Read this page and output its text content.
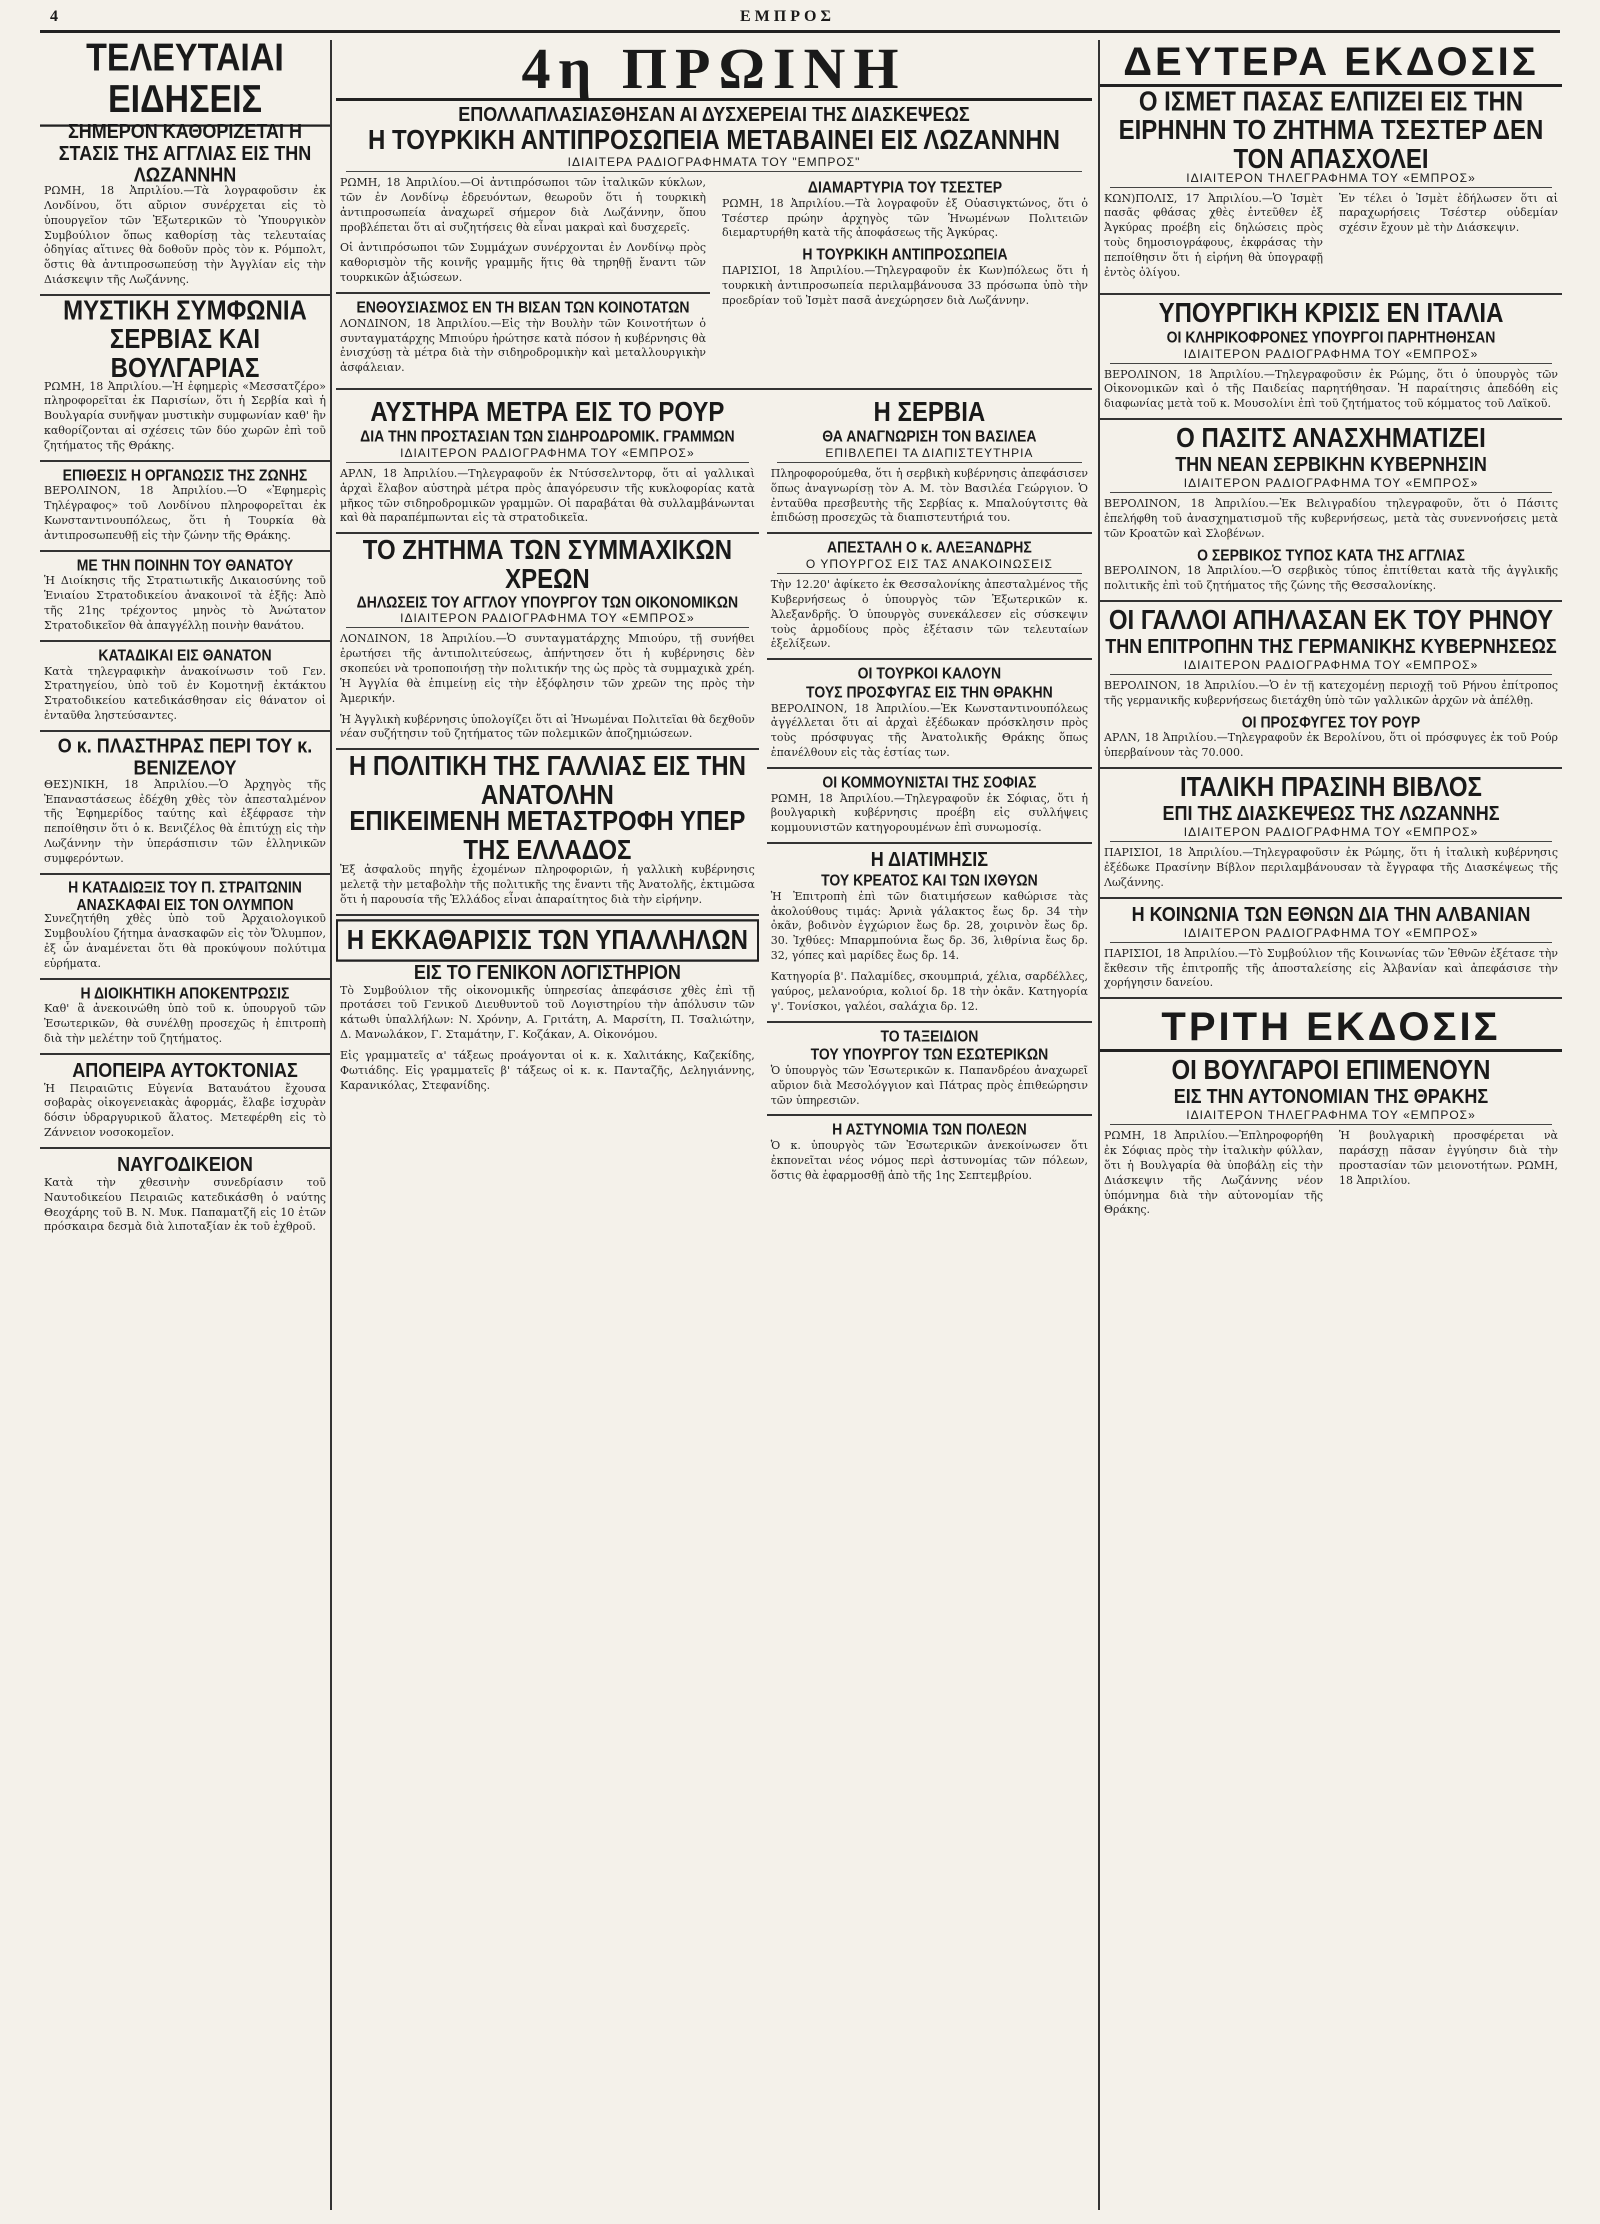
4	ΕΜΠΡΟΣ
ΤΕΛΕΥΤΑΙΑΙ ΕΙΔΗΣΕΙΣ
ΣΗΜΕΡΟΝ ΚΑΘΟΡΙΖΕΤΑΙ Η ΣΤΑΣΙΣ ΤΗΣ ΑΓΓΛΙΑΣ ΕΙΣ ΤΗΝ ΛΩΖΑΝΝΗΝ
ΡΩΜΗ, 18 Ἀπριλίου.—Τὰ λογραφοῦσιν ἐκ Λονδίνου, ὅτι αὔριον συνέρχεται εἰς τὸ ὑπουργεῖον τῶν Ἐξωτερικῶν τὸ Ὑπουργικὸν Συμβούλιον ὅπως καθορίσῃ τὰς τελευταίας ὁδηγίας αἵτινες θὰ δοθοῦν πρὸς τὸν κ. Ρόμπολτ, ὅστις θὰ ἀντιπροσωπεύσῃ τὴν Ἀγγλίαν εἰς τὴν Διάσκεψιν τῆς Λωζάννης.
ΜΥΣΤΙΚΗ ΣΥΜΦΩΝΙΑ ΣΕΡΒΙΑΣ ΚΑΙ ΒΟΥΛΓΑΡΙΑΣ
ΡΩΜΗ, 18 Ἀπριλίου.—Ἡ ἐφημερὶς «Μεσσατζέρο» πληροφορεῖται ἐκ Παρισίων, ὅτι ἡ Σερβία καὶ ἡ Βουλγαρία συνῆψαν μυστικὴν συμφωνίαν καθ' ἣν καθορίζονται αἱ σχέσεις τῶν δύο χωρῶν ἐπὶ τοῦ ζητήματος τῆς Θράκης.
ΕΠΙΘΕΣΙΣ Η ΟΡΓΑΝΩΣΙΣ ΤΗΣ ΖΩΝΗΣ
ΒΕΡΟΛΙΝΟΝ, 18 Ἀπριλίου.—Ὁ «Ἐφημερὶς Τηλέγραφος» τοῦ Λονδίνου πληροφορεῖται ἐκ Κωνσταντινουπόλεως, ὅτι ἡ Τουρκία θὰ ἀντιπροσωπευθῇ εἰς τὴν ζώνην τῆς Θράκης.
ΜΕ ΤΗΝ ΠΟΙΝΗΝ ΤΟΥ ΘΑΝΑΤΟΥ
Ἡ Διοίκησις τῆς Στρατιωτικῆς Δικαιοσύνης τοῦ Ἑνιαίου Στρατοδικείου ἀνακοινοῖ τὰ ἑξῆς: Ἀπὸ τῆς 21ης τρέχοντος μηνὸς τὸ Ἀνώτατον Στρατοδικεῖον θὰ ἀπαγγέλλῃ ποινὴν θανάτου.
ΚΑΤΑΔΙΚΑΙ ΕΙΣ ΘΑΝΑΤΟΝ
Κατὰ τηλεγραφικὴν ἀνακοίνωσιν τοῦ Γεν. Στρατηγείου, ὑπὸ τοῦ ἐν Κομοτηνῇ ἐκτάκτου Στρατοδικείου κατεδικάσθησαν εἰς θάνατον οἱ ἐνταῦθα ληστεύσαντες.
Ο κ. ΠΛΑΣΤΗΡΑΣ ΠΕΡΙ ΤΟΥ κ. ΒΕΝΙΖΕΛΟΥ
ΘΕΣ)ΝΙΚΗ, 18 Ἀπριλίου.—Ὁ Ἀρχηγὸς τῆς Ἐπαναστάσεως ἐδέχθη χθὲς τὸν ἀπεσταλμένον τῆς Ἐφημερίδος ταύτης καὶ ἐξέφρασε τὴν πεποίθησιν ὅτι ὁ κ. Βενιζέλος θὰ ἐπιτύχῃ εἰς τὴν Λωζάννην τὴν ὑπεράσπισιν τῶν ἑλληνικῶν συμφερόντων.
Η ΚΑΤΑΔΙΩΞΙΣ ΤΟΥ Π. ΣΤΡΑΙΤΩΝΙΝ ΑΝΑΣΚΑΦΑΙ ΕΙΣ ΤΟΝ ΟΛΥΜΠΟΝ
Συνεζητήθη χθὲς ὑπὸ τοῦ Ἀρχαιολογικοῦ Συμβουλίου ζήτημα ἀνασκαφῶν εἰς τὸν Ὄλυμπον, ἐξ ὧν ἀναμένεται ὅτι θὰ προκύψουν πολύτιμα εὑρήματα.
Η ΔΙΟΙΚΗΤΙΚΗ ΑΠΟΚΕΝΤΡΩΣΙΣ
Καθ' ἃ ἀνεκοινώθη ὑπὸ τοῦ κ. ὑπουργοῦ τῶν Ἐσωτερικῶν, θὰ συνέλθῃ προσεχῶς ἡ ἐπιτροπὴ διὰ τὴν μελέτην τοῦ ζητήματος.
ΑΠΟΠΕΙΡΑ ΑΥΤΟΚΤΟΝΙΑΣ
Ἡ Πειραιῶτις Εὐγενία Βαταυάτου ἔχουσα σοβαρὰς οἰκογενειακὰς ἀφορμάς, ἔλαβε ἰσχυρὰν δόσιν ὑδραργυρικοῦ ἅλατος. Μετεφέρθη εἰς τὸ Ζάννειον νοσοκομεῖον.
ΝΑΥΓΟΔΙΚΕΙΟΝ
Κατὰ τὴν χθεσινὴν συνεδρίασιν τοῦ Ναυτοδικείου Πειραιῶς κατεδικάσθη ὁ ναύτης Θεοχάρης τοῦ Β. Ν. Μυκ. Παπαματζῆ εἰς 10 ἐτῶν πρόσκαιρα δεσμὰ διὰ λιποταξίαν ἐκ τοῦ ἐχθροῦ.
4η ΠΡΩΙΝΗ
ΕΠΟΛΛΑΠΛΑΣΙΑΣΘΗΣΑΝ ΑΙ ΔΥΣΧΕΡΕΙΑΙ ΤΗΣ ΔΙΑΣΚΕΨΕΩΣ
Η ΤΟΥΡΚΙΚΗ ΑΝΤΙΠΡΟΣΩΠΕΙΑ ΜΕΤΑΒΑΙΝΕΙ ΕΙΣ ΛΩΖΑΝΝΗΝ
ΙΔΙΑΙΤΕΡΑ ΡΑΔΙΟΓΡΑΦΗΜΑΤΑ ΤΟΥ "ΕΜΠΡΟΣ"
ΡΩΜΗ, 18 Ἀπριλίου.—Οἱ ἀντιπρόσωποι τῶν ἰταλικῶν κύκλων, τῶν ἐν Λονδίνῳ ἐδρευόντων, θεωροῦν ὅτι ἡ τουρκικὴ ἀντιπροσωπεία ἀναχωρεῖ σήμερον διὰ Λωζάννην, ὅπου προβλέπεται ὅτι αἱ συζητήσεις θὰ εἶναι μακραὶ καὶ δυσχερεῖς.
Οἱ ἀντιπρόσωποι τῶν Συμμάχων συνέρχονται ἐν Λονδίνῳ πρὸς καθορισμὸν τῆς κοινῆς γραμμῆς ἥτις θὰ τηρηθῇ ἔναντι τῶν τουρκικῶν ἀξιώσεων.
ΕΝΘΟΥΣΙΑΣΜΟΣ ΕΝ ΤΗ ΒΙΣΑΝ ΤΩΝ ΚΟΙΝΟΤΑΤΩΝ
ΛΟΝΔΙΝΟΝ, 18 Ἀπριλίου.—Εἰς τὴν Βουλὴν τῶν Κοινοτήτων ὁ συνταγματάρχης Μπιούρυ ἠρώτησε κατὰ πόσον ἡ κυβέρνησις θὰ ἐνισχύσῃ τὰ μέτρα διὰ τὴν σιδηροδρομικὴν καὶ μεταλλουργικὴν ἀσφάλειαν.
ΔΙΑΜΑΡΤΥΡΙΑ ΤΟΥ ΤΣΕΣΤΕΡ
ΡΩΜΗ, 18 Ἀπριλίου.—Τὰ λογραφοῦν ἐξ Οὐασιγκτώνος, ὅτι ὁ Τσέστερ πρώην ἀρχηγὸς τῶν Ἡνωμένων Πολιτειῶν διεμαρτυρήθη κατὰ τῆς ἀποφάσεως τῆς Ἀγκύρας.
Η ΤΟΥΡΚΙΚΗ ΑΝΤΙΠΡΟΣΩΠΕΙΑ
ΠΑΡΙΣΙΟΙ, 18 Ἀπριλίου.—Τηλεγραφοῦν ἐκ Κων)πόλεως ὅτι ἡ τουρκικὴ ἀντιπροσωπεία περιλαμβάνουσα 33 πρόσωπα ὑπὸ τὴν προεδρίαν τοῦ Ἰσμὲτ πασᾶ ἀνεχώρησεν διὰ Λωζάννην.
ΑΥΣΤΗΡΑ ΜΕΤΡΑ ΕΙΣ ΤΟ ΡΟΥΡ
ΔΙΑ ΤΗΝ ΠΡΟΣΤΑΣΙΑΝ ΤΩΝ ΣΙΔΗΡΟΔΡΟΜΙΚ. ΓΡΑΜΜΩΝ
ΙΔΙΑΙΤΕΡΟΝ ΡΑΔΙΟΓΡΑΦΗΜΑ ΤΟΥ «ΕΜΠΡΟΣ»
ΑΡΛΝ, 18 Ἀπριλίου.—Τηλεγραφοῦν ἐκ Ντύσσελντορφ, ὅτι αἱ γαλλικαὶ ἀρχαὶ ἔλαβον αὐστηρὰ μέτρα πρὸς ἀπαγόρευσιν τῆς κυκλοφορίας κατὰ μῆκος τῶν σιδηροδρομικῶν γραμμῶν. Οἱ παραβάται θὰ συλλαμβάνωνται καὶ θὰ παραπέμπωνται εἰς τὰ στρατοδικεῖα.
ΤΟ ΖΗΤΗΜΑ ΤΩΝ ΣΥΜΜΑΧΙΚΩΝ ΧΡΕΩΝ
ΔΗΛΩΣΕΙΣ ΤΟΥ ΑΓΓΛΟΥ ΥΠΟΥΡΓΟΥ ΤΩΝ ΟΙΚΟΝΟΜΙΚΩΝ
ΙΔΙΑΙΤΕΡΟΝ ΡΑΔΙΟΓΡΑΦΗΜΑ ΤΟΥ «ΕΜΠΡΟΣ»
ΛΟΝΔΙΝΟΝ, 18 Ἀπριλίου.—Ὁ συνταγματάρχης Μπιούρυ, τῇ συνήθει ἐρωτήσει τῆς ἀντιπολιτεύσεως, ἀπήντησεν ὅτι ἡ κυβέρνησις δὲν σκοπεύει νὰ τροποποιήσῃ τὴν πολιτικήν της ὡς πρὸς τὰ συμμαχικὰ χρέη. Ἡ Ἀγγλία θὰ ἐπιμείνῃ εἰς τὴν ἐξόφλησιν τῶν χρεῶν της πρὸς τὴν Ἀμερικήν.
Ἡ Ἀγγλικὴ κυβέρνησις ὑπολογίζει ὅτι αἱ Ἡνωμέναι Πολιτεῖαι θὰ δεχθοῦν νέαν συζήτησιν τοῦ ζητήματος τῶν πολεμικῶν ἀποζημιώσεων.
Η ΠΟΛΙΤΙΚΗ ΤΗΣ ΓΑΛΛΙΑΣ ΕΙΣ ΤΗΝ ΑΝΑΤΟΛΗΝ
ΕΠΙΚΕΙΜΕΝΗ ΜΕΤΑΣΤΡΟΦΗ ΥΠΕΡ ΤΗΣ ΕΛΛΑΔΟΣ
Ἐξ ἀσφαλοῦς πηγῆς ἐχομένων πληροφοριῶν, ἡ γαλλικὴ κυβέρνησις μελετᾷ τὴν μεταβολὴν τῆς πολιτικῆς της ἔναντι τῆς Ἀνατολῆς, ἐκτιμῶσα ὅτι ἡ παρουσία τῆς Ἑλλάδος εἶναι ἀπαραίτητος διὰ τὴν εἰρήνην.
Η ΕΚΚΑΘΑΡΙΣΙΣ ΤΩΝ ΥΠΑΛΛΗΛΩΝ
ΕΙΣ ΤΟ ΓΕΝΙΚΟΝ ΛΟΓΙΣΤΗΡΙΟΝ
Τὸ Συμβούλιον τῆς οἰκονομικῆς ὑπηρεσίας ἀπεφάσισε χθὲς ἐπὶ τῇ προτάσει τοῦ Γενικοῦ Διευθυντοῦ τοῦ Λογιστηρίου τὴν ἀπόλυσιν τῶν κάτωθι ὑπαλλήλων: Ν. Χρόνην, Α. Γριτάτη, Α. Μαρσίτη, Π. Τσαλιώτην, Δ. Μανωλάκον, Γ. Σταμάτην, Γ. Κοζάκαν, Α. Οἰκονόμου.
Εἰς γραμματεῖς α' τάξεως προάγονται οἱ κ. κ. Χαλιτάκης, Καζεκίδης, Φωτιάδης. Εἰς γραμματεῖς β' τάξεως οἱ κ. κ. Πανταζῆς, Δεληγιάννης, Καρανικόλας, Στεφανίδης.
Η ΣΕΡΒΙΑ
ΘΑ ΑΝΑΓΝΩΡΙΣΗ ΤΟΝ ΒΑΣΙΛΕΑ
ΕΠΙΒΛΕΠΕΙ ΤΑ ΔΙΑΠΙΣΤΕΥΤΗΡΙΑ
Πληροφορούμεθα, ὅτι ἡ σερβικὴ κυβέρνησις ἀπεφάσισεν ὅπως ἀναγνωρίσῃ τὸν Α. Μ. τὸν Βασιλέα Γεώργιον. Ὁ ἐνταῦθα πρεσβευτὴς τῆς Σερβίας κ. Μπαλούγτσιτς θὰ ἐπιδώσῃ προσεχῶς τὰ διαπιστευτήριά του.
ΑΠΕΣΤΑΛΗ Ο κ. ΑΛΕΞΑΝΔΡΗΣ
Ο ΥΠΟΥΡΓΟΣ ΕΙΣ ΤΑΣ ΑΝΑΚΟΙΝΩΣΕΙΣ
Τὴν 12.20' ἀφίκετο ἐκ Θεσσαλονίκης ἀπεσταλμένος τῆς Κυβερνήσεως ὁ ὑπουργὸς τῶν Ἐξωτερικῶν κ. Ἀλεξανδρῆς. Ὁ ὑπουργὸς συνεκάλεσεν εἰς σύσκεψιν τοὺς ἀρμοδίους πρὸς ἐξέτασιν τῶν τελευταίων ἐξελίξεων.
ΟΙ ΤΟΥΡΚΟΙ ΚΑΛΟΥΝ
ΤΟΥΣ ΠΡΟΣΦΥΓΑΣ ΕΙΣ ΤΗΝ ΘΡΑΚΗΝ
ΒΕΡΟΛΙΝΟΝ, 18 Ἀπριλίου.—Ἐκ Κωνσταντινουπόλεως ἀγγέλλεται ὅτι αἱ ἀρχαὶ ἐξέδωκαν πρόσκλησιν πρὸς τοὺς πρόσφυγας τῆς Ἀνατολικῆς Θράκης ὅπως ἐπανέλθουν εἰς τὰς ἑστίας των.
ΟΙ ΚΟΜΜΟΥΝΙΣΤΑΙ ΤΗΣ ΣΟΦΙΑΣ
ΡΩΜΗ, 18 Ἀπριλίου.—Τηλεγραφοῦν ἐκ Σόφιας, ὅτι ἡ βουλγαρικὴ κυβέρνησις προέβη εἰς συλλήψεις κομμουνιστῶν κατηγορουμένων ἐπὶ συνωμοσίᾳ.
Η ΔΙΑΤΙΜΗΣΙΣ
ΤΟΥ ΚΡΕΑΤΟΣ ΚΑΙ ΤΩΝ ΙΧΘΥΩΝ
Ἡ Ἐπιτροπὴ ἐπὶ τῶν διατιμήσεων καθώρισε τὰς ἀκολούθους τιμάς: Ἀρνιὰ γάλακτος ἔως δρ. 34 τὴν ὀκᾶν, βοδινὸν ἐγχώριον ἔως δρ. 28, χοιρινὸν ἔως δρ. 30. Ἰχθύες: Μπαρμπούνια ἔως δρ. 36, λιθρίνια ἔως δρ. 32, γόπες καὶ μαρίδες ἔως δρ. 14.
Κατηγορία β'. Παλαμίδες, σκουμπριά, χέλια, σαρδέλλες, γαύρος, μελανούρια, κολιοί δρ. 18 τὴν ὀκᾶν. Κατηγορία γ'. Τονίσκοι, γαλέοι, σαλάχια δρ. 12.
ΤΟ ΤΑΞΕΙΔΙΟΝ
ΤΟΥ ΥΠΟΥΡΓΟΥ ΤΩΝ ΕΣΩΤΕΡΙΚΩΝ
Ὁ ὑπουργὸς τῶν Ἐσωτερικῶν κ. Παπανδρέου ἀναχωρεῖ αὔριον διὰ Μεσολόγγιον καὶ Πάτρας πρὸς ἐπιθεώρησιν τῶν ὑπηρεσιῶν.
Η ΑΣΤΥΝΟΜΙΑ ΤΩΝ ΠΟΛΕΩΝ
Ὁ κ. ὑπουργὸς τῶν Ἐσωτερικῶν ἀνεκοίνωσεν ὅτι ἐκπονεῖται νέος νόμος περὶ ἀστυνομίας τῶν πόλεων, ὅστις θὰ ἐφαρμοσθῇ ἀπὸ τῆς 1ης Σεπτεμβρίου.
ΔΕΥΤΕΡΑ ΕΚΔΟΣΙΣ
Ο ΙΣΜΕΤ ΠΑΣΑΣ ΕΛΠΙΖΕΙ ΕΙΣ ΤΗΝ ΕΙΡΗΝΗΝ ΤΟ ΖΗΤΗΜΑ ΤΣΕΣΤΕΡ ΔΕΝ ΤΟΝ ΑΠΑΣΧΟΛΕΙ
ΙΔΙΑΙΤΕΡΟΝ ΤΗΛΕΓΡΑΦΗΜΑ ΤΟΥ «ΕΜΠΡΟΣ»
ΚΩΝ)ΠΟΛΙΣ, 17 Ἀπριλίου.—Ὁ Ἰσμὲτ πασᾶς φθάσας χθὲς ἐντεῦθεν ἐξ Ἀγκύρας προέβη εἰς δηλώσεις πρὸς τοὺς δημοσιογράφους, ἐκφράσας τὴν πεποίθησιν ὅτι ἡ εἰρήνη θὰ ὑπογραφῇ ἐντὸς ὀλίγου.
Ἐν τέλει ὁ Ἰσμὲτ ἐδήλωσεν ὅτι αἱ παραχωρήσεις Τσέστερ οὐδεμίαν σχέσιν ἔχουν μὲ τὴν Διάσκεψιν.
ΥΠΟΥΡΓΙΚΗ ΚΡΙΣΙΣ ΕΝ ΙΤΑΛΙΑ
ΟΙ ΚΛΗΡΙΚΟΦΡΟΝΕΣ ΥΠΟΥΡΓΟΙ ΠΑΡΗΤΗΘΗΣΑΝ
ΙΔΙΑΙΤΕΡΟΝ ΡΑΔΙΟΓΡΑΦΗΜΑ ΤΟΥ «ΕΜΠΡΟΣ»
ΒΕΡΟΛΙΝΟΝ, 18 Ἀπριλίου.—Τηλεγραφοῦσιν ἐκ Ρώμης, ὅτι ὁ ὑπουργὸς τῶν Οἰκονομικῶν καὶ ὁ τῆς Παιδείας παρητήθησαν. Ἡ παραίτησις ἀπεδόθη εἰς διαφωνίας μετὰ τοῦ κ. Μουσολίνι ἐπὶ τοῦ ζητήματος τοῦ κόμματος τοῦ Λαϊκοῦ.
Ο ΠΑΣΙΤΣ ΑΝΑΣΧΗΜΑΤΙΖΕΙ
ΤΗΝ ΝΕΑΝ ΣΕΡΒΙΚΗΝ ΚΥΒΕΡΝΗΣΙΝ
ΙΔΙΑΙΤΕΡΟΝ ΡΑΔΙΟΓΡΑΦΗΜΑ ΤΟΥ «ΕΜΠΡΟΣ»
ΒΕΡΟΛΙΝΟΝ, 18 Ἀπριλίου.—Ἐκ Βελιγραδίου τηλεγραφοῦν, ὅτι ὁ Πάσιτς ἐπελήφθη τοῦ ἀνασχηματισμοῦ τῆς κυβερνήσεως, μετὰ τὰς συνεννοήσεις μετὰ τῶν Κροατῶν καὶ Σλοβένων.
Ο ΣΕΡΒΙΚΟΣ ΤΥΠΟΣ ΚΑΤΑ ΤΗΣ ΑΓΓΛΙΑΣ
ΒΕΡΟΛΙΝΟΝ, 18 Ἀπριλίου.—Ὁ σερβικὸς τύπος ἐπιτίθεται κατὰ τῆς ἀγγλικῆς πολιτικῆς ἐπὶ τοῦ ζητήματος τῆς ζώνης τῆς Θεσσαλονίκης.
ΟΙ ΓΑΛΛΟΙ ΑΠΗΛΑΣΑΝ ΕΚ ΤΟΥ ΡΗΝΟΥ
ΤΗΝ ΕΠΙΤΡΟΠΗΝ ΤΗΣ ΓΕΡΜΑΝΙΚΗΣ ΚΥΒΕΡΝΗΣΕΩΣ
ΙΔΙΑΙΤΕΡΟΝ ΡΑΔΙΟΓΡΑΦΗΜΑ ΤΟΥ «ΕΜΠΡΟΣ»
ΒΕΡΟΛΙΝΟΝ, 18 Ἀπριλίου.—Ὁ ἐν τῇ κατεχομένῃ περιοχῇ τοῦ Ρήνου ἐπίτροπος τῆς γερμανικῆς κυβερνήσεως διετάχθη ὑπὸ τῶν γαλλικῶν ἀρχῶν νὰ ἀπέλθῃ.
ΟΙ ΠΡΟΣΦΥΓΕΣ ΤΟΥ ΡΟΥΡ
ΑΡΛΝ, 18 Ἀπριλίου.—Τηλεγραφοῦν ἐκ Βερολίνου, ὅτι οἱ πρόσφυγες ἐκ τοῦ Ρούρ ὑπερβαίνουν τὰς 70.000.
ΙΤΑΛΙΚΗ ΠΡΑΣΙΝΗ ΒΙΒΛΟΣ
ΕΠΙ ΤΗΣ ΔΙΑΣΚΕΨΕΩΣ ΤΗΣ ΛΩΖΑΝΝΗΣ
ΙΔΙΑΙΤΕΡΟΝ ΡΑΔΙΟΓΡΑΦΗΜΑ ΤΟΥ «ΕΜΠΡΟΣ»
ΠΑΡΙΣΙΟΙ, 18 Ἀπριλίου.—Τηλεγραφοῦσιν ἐκ Ρώμης, ὅτι ἡ ἰταλικὴ κυβέρνησις ἐξέδωκε Πρασίνην Βίβλον περιλαμβάνουσαν τὰ ἔγγραφα τῆς Διασκέψεως τῆς Λωζάννης.
Η ΚΟΙΝΩΝΙΑ ΤΩΝ ΕΘΝΩΝ ΔΙΑ ΤΗΝ ΑΛΒΑΝΙΑΝ
ΙΔΙΑΙΤΕΡΟΝ ΡΑΔΙΟΓΡΑΦΗΜΑ ΤΟΥ «ΕΜΠΡΟΣ»
ΠΑΡΙΣΙΟΙ, 18 Ἀπριλίου.—Τὸ Συμβούλιον τῆς Κοινωνίας τῶν Ἐθνῶν ἐξέτασε τὴν ἔκθεσιν τῆς ἐπιτροπῆς τῆς ἀποσταλείσης εἰς Ἀλβανίαν καὶ ἀπεφάσισε τὴν χορήγησιν δανείου.
ΤΡΙΤΗ ΕΚΔΟΣΙΣ
ΟΙ ΒΟΥΛΓΑΡΟΙ ΕΠΙΜΕΝΟΥΝ
ΕΙΣ ΤΗΝ ΑΥΤΟΝΟΜΙΑΝ ΤΗΣ ΘΡΑΚΗΣ
ΙΔΙΑΙΤΕΡΟΝ ΤΗΛΕΓΡΑΦΗΜΑ ΤΟΥ «ΕΜΠΡΟΣ»
ΡΩΜΗ, 18 Ἀπριλίου.—Ἐπληροφορήθη ἐκ Σόφιας πρὸς τὴν ἰταλικὴν φύλλαν, ὅτι ἡ Βουλγαρία θὰ ὑποβάλῃ εἰς τὴν Διάσκεψιν τῆς Λωζάννης νέον ὑπόμνημα διὰ τὴν αὐτονομίαν τῆς Θράκης.
Ἡ βουλγαρικὴ προσφέρεται νὰ παράσχῃ πᾶσαν ἐγγύησιν διὰ τὴν προστασίαν τῶν μειονοτήτων. ΡΩΜΗ, 18 Ἀπριλίου.
